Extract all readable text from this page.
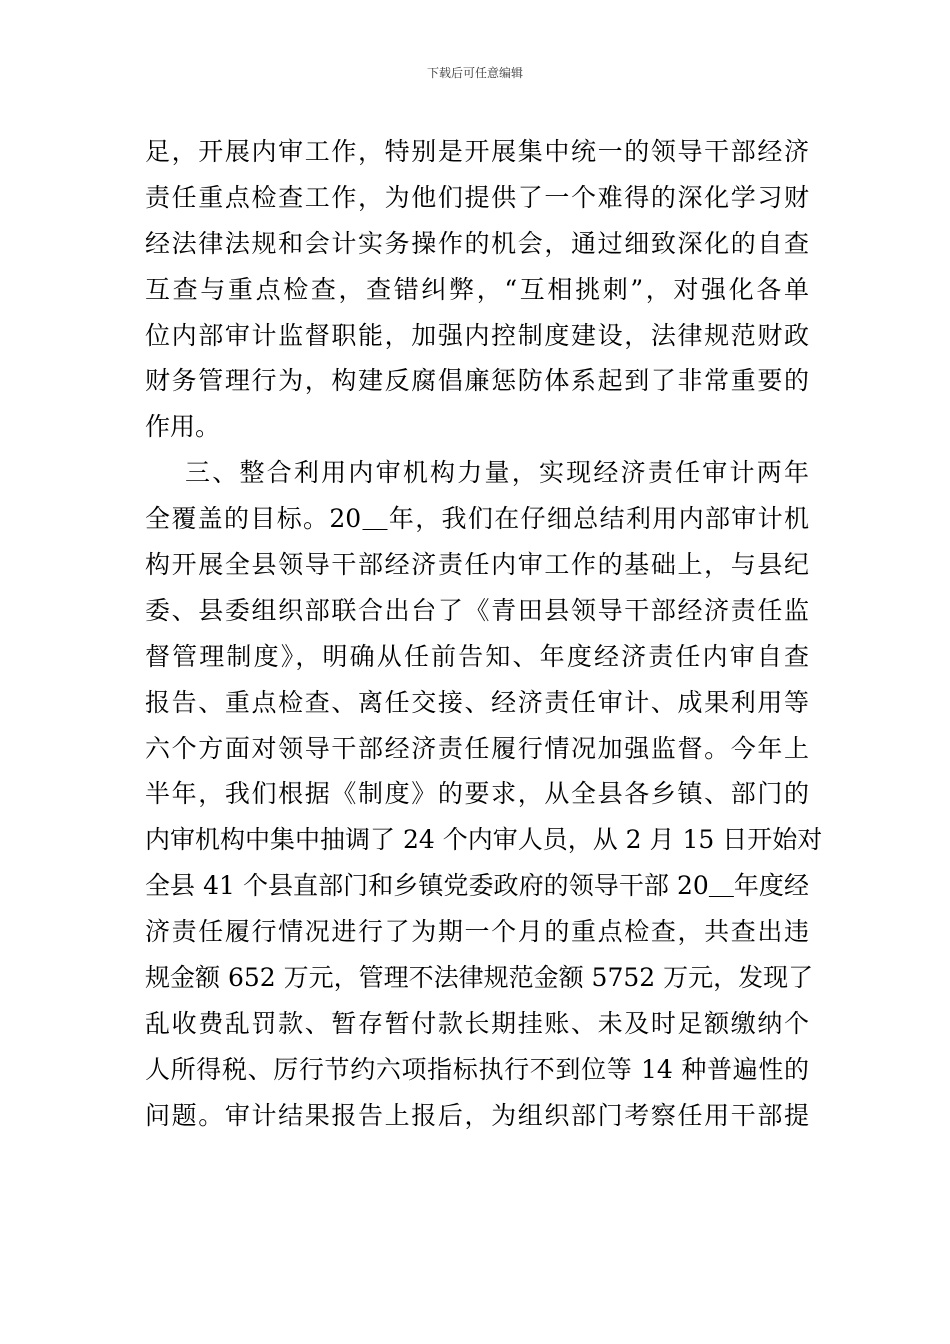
下载后可任意编辑
足，开展内审工作，特别是开展集中统一的领导干部经济
责任重点检查工作，为他们提供了一个难得的深化学习财
经法律法规和会计实务操作的机会，通过细致深化的自查
互查与重点检查，查错纠弊，“互相挑刺”，对强化各单
位内部审计监督职能，加强内控制度建设，法律规范财政
财务管理行为，构建反腐倡廉惩防体系起到了非常重要的
作用。
三、整合利用内审机构力量，实现经济责任审计两年
全覆盖的目标。20＿年，我们在仔细总结利用内部审计机
构开展全县领导干部经济责任内审工作的基础上，与县纪
委、县委组织部联合出台了《青田县领导干部经济责任监
督管理制度》，明确从任前告知、年度经济责任内审自查
报告、重点检查、离任交接、经济责任审计、成果利用等
六个方面对领导干部经济责任履行情况加强监督。今年上
半年，我们根据《制度》的要求，从全县各乡镇、部门的
内审机构中集中抽调了 24 个内审人员，从 2 月 15 日开始对
全县 41 个县直部门和乡镇党委政府的领导干部 20＿年度经
济责任履行情况进行了为期一个月的重点检查，共查出违
规金额 652 万元，管理不法律规范金额 5752 万元，发现了
乱收费乱罚款、暂存暂付款长期挂账、未及时足额缴纳个
人所得税、厉行节约六项指标执行不到位等 14 种普遍性的
问题。审计结果报告上报后，为组织部门考察任用干部提
